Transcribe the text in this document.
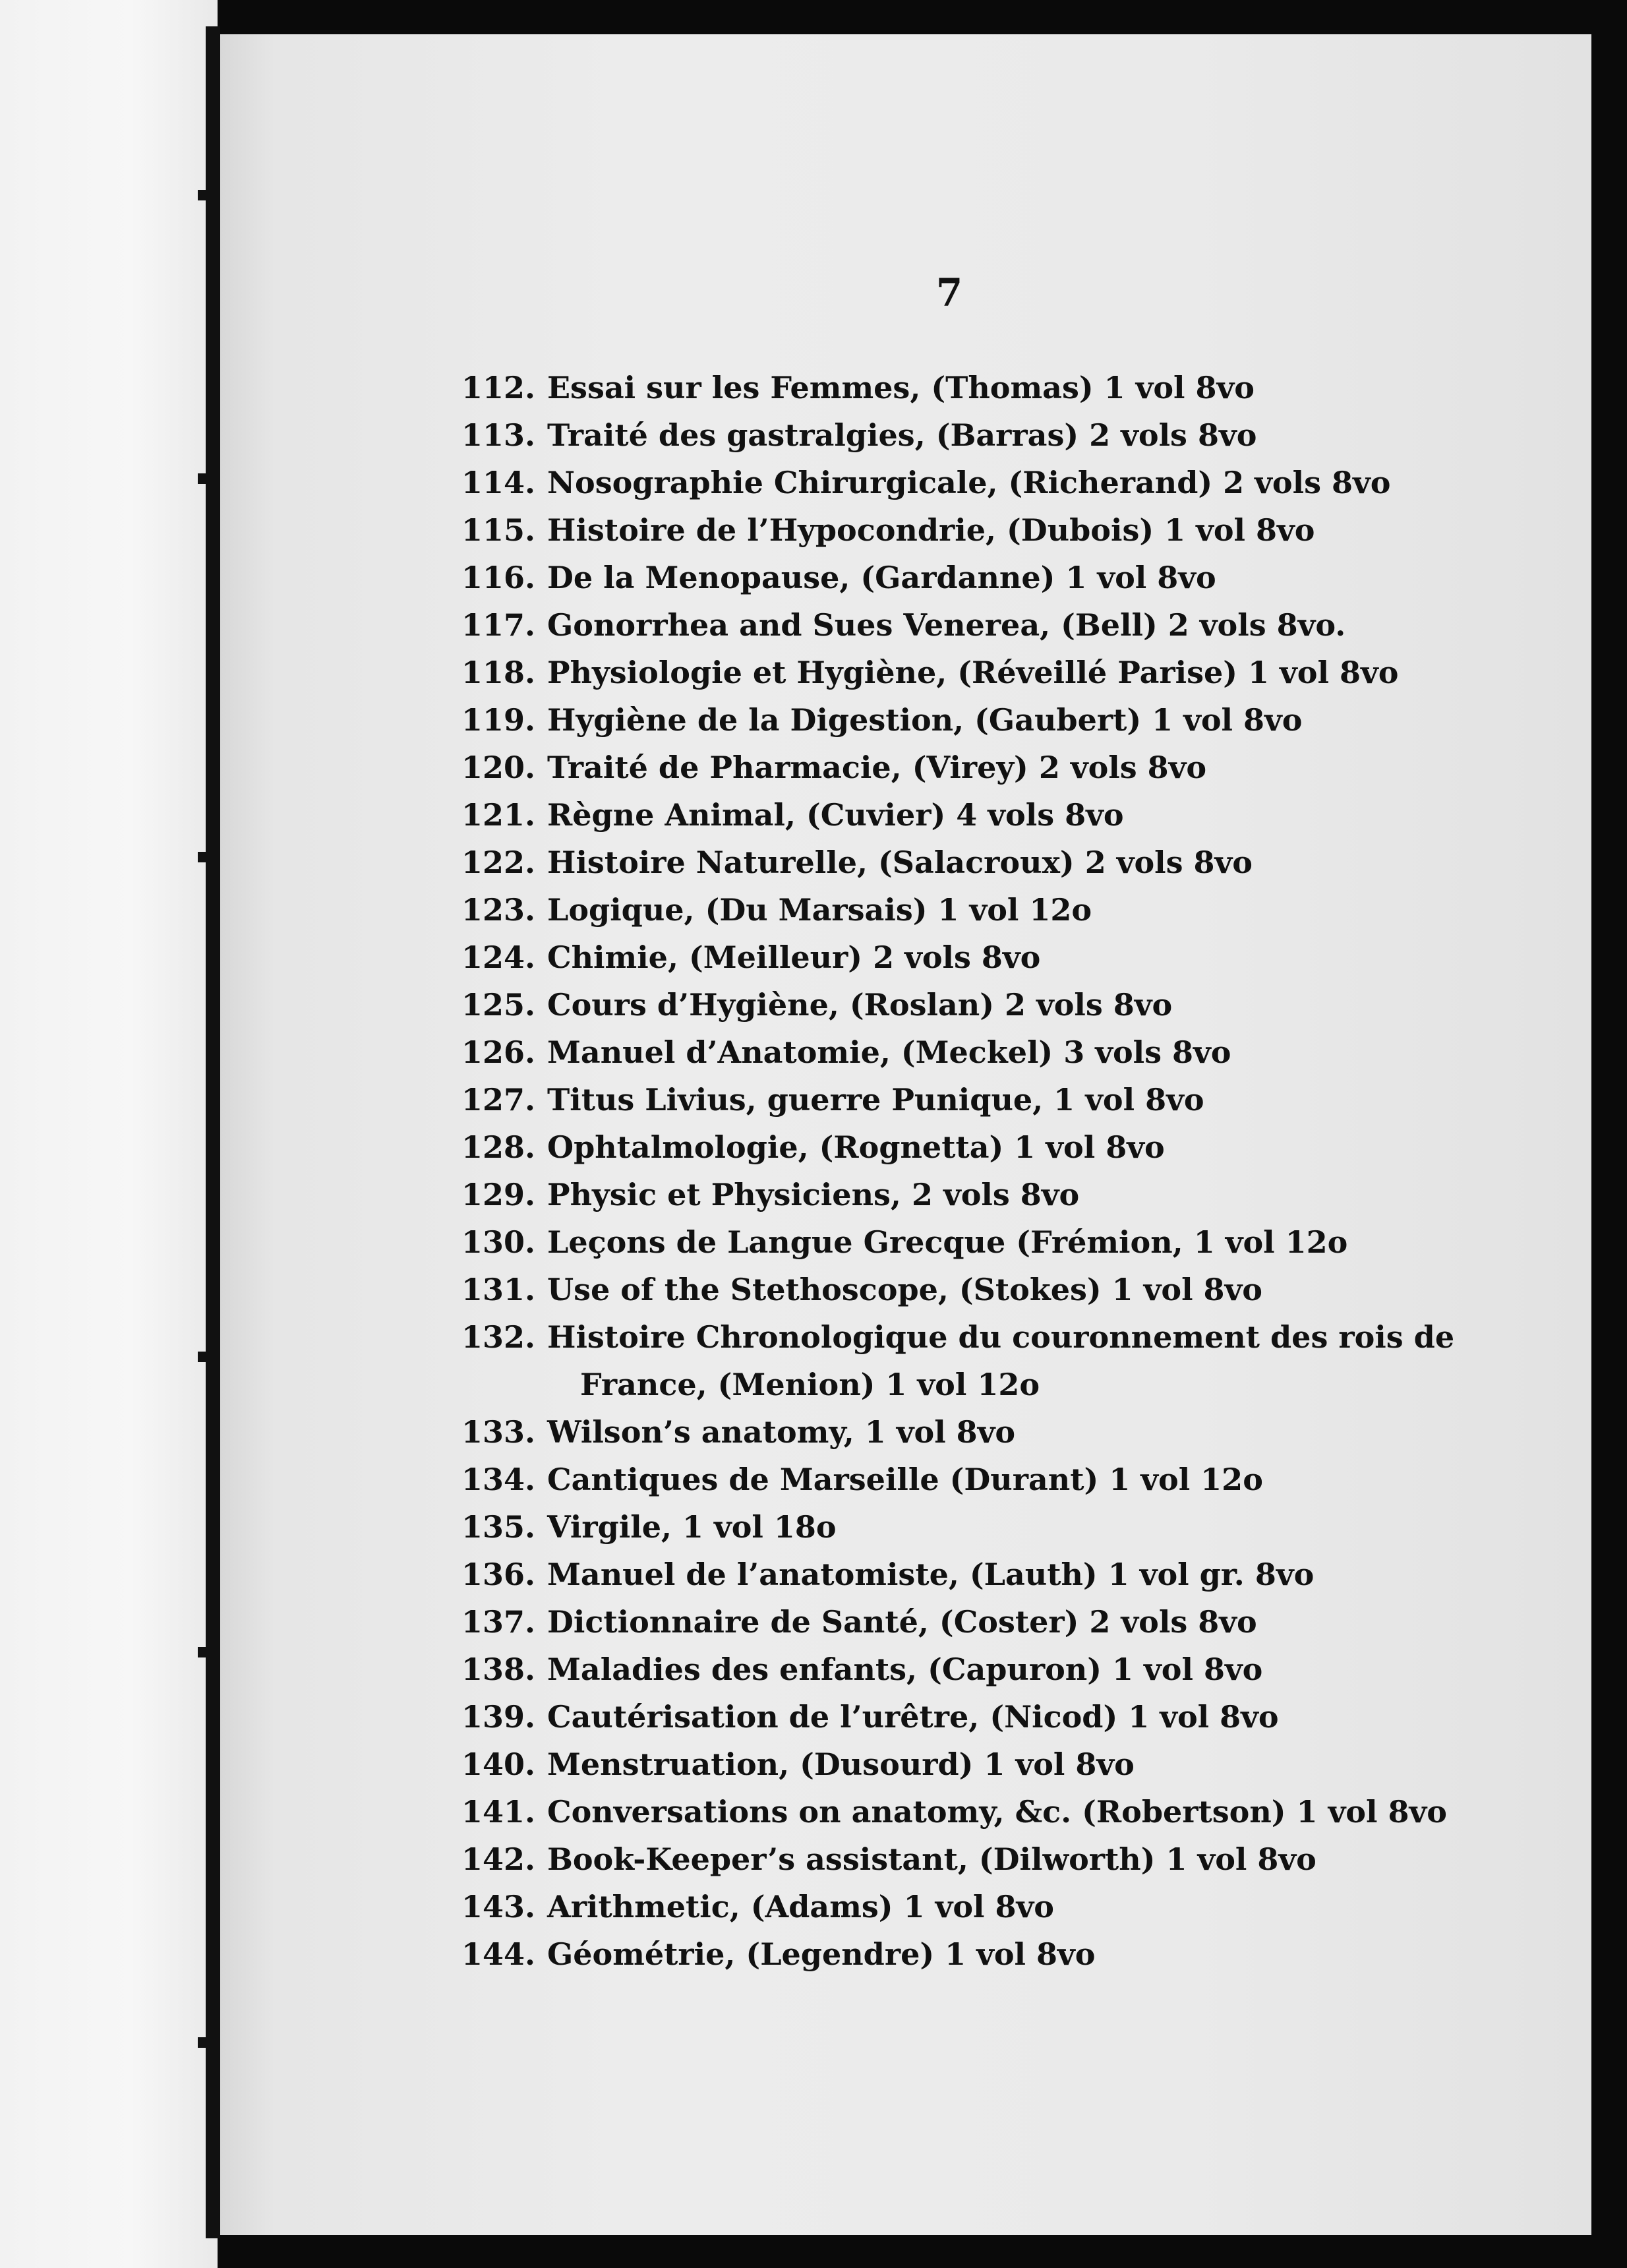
7
112. Essai sur les Femmes, (Thomas) 1 vol 8vo
113. Traité des gastralgies, (Barras) 2 vols 8vo
114. Nosographie Chirurgicale, (Richerand) 2 vols 8vo
115. Histoire de l’Hypocondrie, (Dubois) 1 vol 8vo
116. De la Menopause, (Gardanne) 1 vol 8vo
117. Gonorrhea and Sues Venerea, (Bell) 2 vols 8vo.
118. Physiologie et Hygiène, (Réveillé Parise) 1 vol 8vo
119. Hygiène de la Digestion, (Gaubert) 1 vol 8vo
120. Traité de Pharmacie, (Virey) 2 vols 8vo
121. Règne Animal, (Cuvier) 4 vols 8vo
122. Histoire Naturelle, (Salacroux) 2 vols 8vo
123. Logique, (Du Marsais) 1 vol 12o
124. Chimie, (Meilleur) 2 vols 8vo
125. Cours d’Hygiène, (Roslan) 2 vols 8vo
126. Manuel d’Anatomie, (Meckel) 3 vols 8vo
127. Titus Livius, guerre Punique, 1 vol 8vo
128. Ophtalmologie, (Rognetta) 1 vol 8vo
129. Physic et Physiciens, 2 vols 8vo
130. Leçons de Langue Grecque (Frémion, 1 vol 12o
131. Use of the Stethoscope, (Stokes) 1 vol 8vo
132. Histoire Chronologique du couronnement des rois de
France, (Menion) 1 vol 12o
133. Wilson’s anatomy, 1 vol 8vo
134. Cantiques de Marseille (Durant) 1 vol 12o
135. Virgile, 1 vol 18o
136. Manuel de l’anatomiste, (Lauth) 1 vol gr. 8vo
137. Dictionnaire de Santé, (Coster) 2 vols 8vo
138. Maladies des enfants, (Capuron) 1 vol 8vo
139. Cautérisation de l’urêtre, (Nicod) 1 vol 8vo
140. Menstruation, (Dusourd) 1 vol 8vo
141. Conversations on anatomy, &c. (Robertson) 1 vol 8vo
142. Book-Keeper’s assistant, (Dilworth) 1 vol 8vo
143. Arithmetic, (Adams) 1 vol 8vo
144. Géométrie, (Legendre) 1 vol 8vo
